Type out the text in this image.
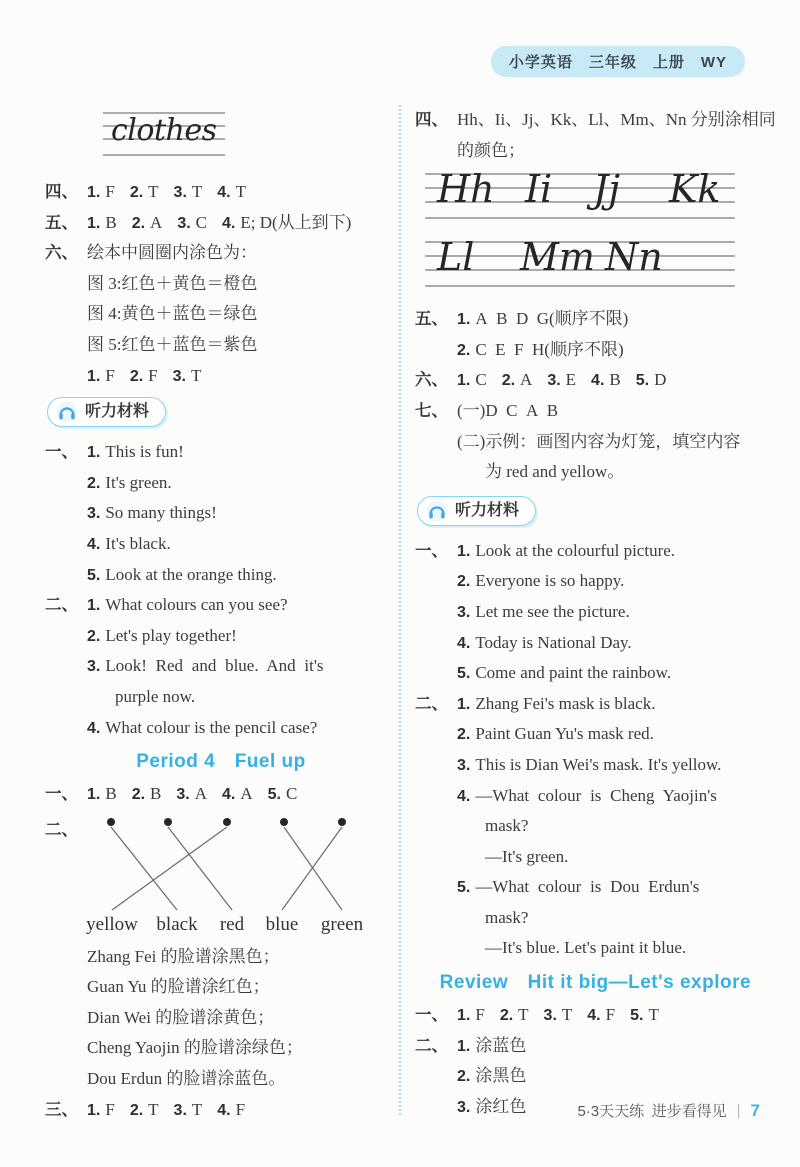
小学英语　三年级　上册　WY
clothes
四、 1. F 2. T 3. T 4. T
五、 1. B 2. A 3. C 4. E; D(从上到下)
六、 绘本中圆圈内涂色为：
图 3:红色＋黄色＝橙色
图 4:黄色＋蓝色＝绿色
图 5:红色＋蓝色＝紫色
1. F 2. F 3. T
听力材料
一、 1. This is fun!
2. It's green.
3. So many things!
4. It's black.
5. Look at the orange thing.
二、 1. What colours can you see?
2. Let's play together!
3. Look! Red and blue. And it's
purple now.
4. What colour is the pencil case?
Period 4 Fuel up
一、 1. B 2. B 3. A 4. A 5. C
二、
yellow black red blue green
Zhang Fei 的脸谱涂黑色；
Guan Yu 的脸谱涂红色；
Dian Wei 的脸谱涂黄色；
Cheng Yaojin 的脸谱涂绿色；
Dou Erdun 的脸谱涂蓝色。
三、 1. F 2. T 3. T 4. F
四、 Hh、Ii、Jj、Kk、Ll、Mm、Nn 分别涂相同
的颜色；
Hh Ii Jj Kk
Ll Mm Nn
五、 1. A B D G(顺序不限)
2. C E F H(顺序不限)
六、 1. C 2. A 3. E 4. B 5. D
七、 (一)D C A B
(二)示例：画图内容为灯笼，填空内容
为 red and yellow。
听力材料
一、 1. Look at the colourful picture.
2. Everyone is so happy.
3. Let me see the picture.
4. Today is National Day.
5. Come and paint the rainbow.
二、 1. Zhang Fei's mask is black.
2. Paint Guan Yu's mask red.
3. This is Dian Wei's mask. It's yellow.
4. —What colour is Cheng Yaojin's
mask?
—It's green.
5. —What colour is Dou Erdun's
mask?
—It's blue. Let's paint it blue.
Review Hit it big—Let's explore
一、 1. F 2. T 3. T 4. F 5. T
二、 1. 涂蓝色
2. 涂黑色
3. 涂红色	5·3天天练 进步看得见 | 7
